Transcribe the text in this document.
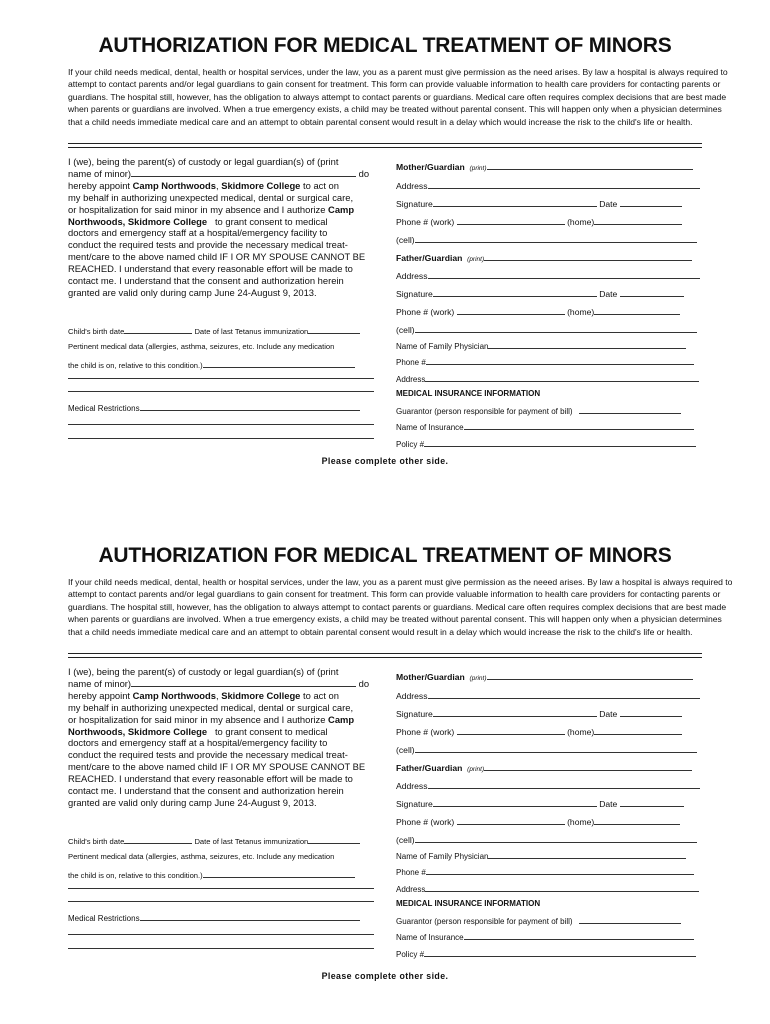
AUTHORIZATION FOR MEDICAL TREATMENT OF MINORS
If your child needs medical, dental, health or hospital services, under the law, you as a parent must give permission as the need arises. By law a hospital is always required to attempt to contact parents and/or legal guardians to gain consent for treatment. This form can provide valuable information to health care providers for contacting parents or guardians. The hospital still, however, has the obligation to always attempt to contact parents or guardians. Medical care often requires complex decisions that are best made when parents or guardians are involved. When a true emergency exists, a child may be treated without parental consent. This will happen only when a physician determines that a child needs immediate medical care and an attempt to obtain parental consent would result in a delay which would increase the risk to the child's life or health.
I (we), being the parent(s) of custody or legal guardian(s) of (print
name of minor)	do
hereby appoint Camp Northwoods, Skidmore College to act on
my behalf in authorizing unexpected medical, dental or surgical care,
or hospitalization for said minor in my absence and I authorize Camp
Northwoods, Skidmore College to grant consent to medical
doctors and emergency staff at a hospital/emergency facility to
conduct the required tests and provide the necessary medical treat-
ment/care to the above named child IF I OR MY SPOUSE CANNOT BE
REACHED. I understand that every reasonable effort will be made to
contact me. I understand that the consent and authorization herein
granted are valid only during camp June 24-August 9, 2013.
Child's birth date	Date of last Tetanus immunization
Pertinent medical data (allergies, asthma, seizures, etc. Include any medication
the child is on, relative to this condition.)
Medical Restrictions
Mother/Guardian (print)
Address
Signature	Date
Phone # (work)	(home)
(cell)
Father/Guardian (print)
Address
Signature	Date
Phone # (work)	(home)
(cell)
Name of Family Physician
Phone #
Address
MEDICAL INSURANCE INFORMATION
Guarantor (person responsible for payment of bill)
Name of Insurance
Policy #
Please complete other side.
AUTHORIZATION FOR MEDICAL TREATMENT OF MINORS
If your child needs medical, dental, health or hospital services, under the law, you as a parent must give permission as the neeed arises. By law a hospital is always required to attempt to contact parents and/or legal guardians to gain consent for treatment. This form can provide valuable information to health care providers for contacting parents or guardians. The hospital still, however, has the obligation to always attempt to contact parents or guardians. Medical care often requires complex decisions that are best made when parents or guardians are involved. When a true emergency exists, a child may be treated without parental consent. This will happen only when a physician determines that a child needs immediate medical care and an attempt to obtain parental consent would result in a delay which would increase the risk to the child's life or health.
I (we), being the parent(s) of custody or legal guardian(s) of (print
name of minor)	do
hereby appoint Camp Northwoods, Skidmore College to act on
my behalf in authorizing unexpected medical, dental or surgical care,
or hospitalization for said minor in my absence and I authorize Camp
Northwoods, Skidmore College to grant consent to medical
doctors and emergency staff at a hospital/emergency facility to
conduct the required tests and provide the necessary medical treat-
ment/care to the above named child IF I OR MY SPOUSE CANNOT BE
REACHED. I understand that every reasonable effort will be made to
contact me. I understand that the consent and authorization herein
granted are valid only during camp June 24-August 9, 2013.
Child's birth date	Date of last Tetanus immunization
Pertinent medical data (allergies, asthma, seizures, etc. Include any medication
the child is on, relative to this condition.)
Medical Restrictions
Mother/Guardian (print)
Address
Signature	Date
Phone # (work)	(home)
(cell)
Father/Guardian (print)
Address
Signature	Date
Phone # (work)	(home)
(cell)
Name of Family Physician
Phone #
Address
MEDICAL INSURANCE INFORMATION
Guarantor (person responsible for payment of bill)
Name of Insurance
Policy #
Please complete other side.
